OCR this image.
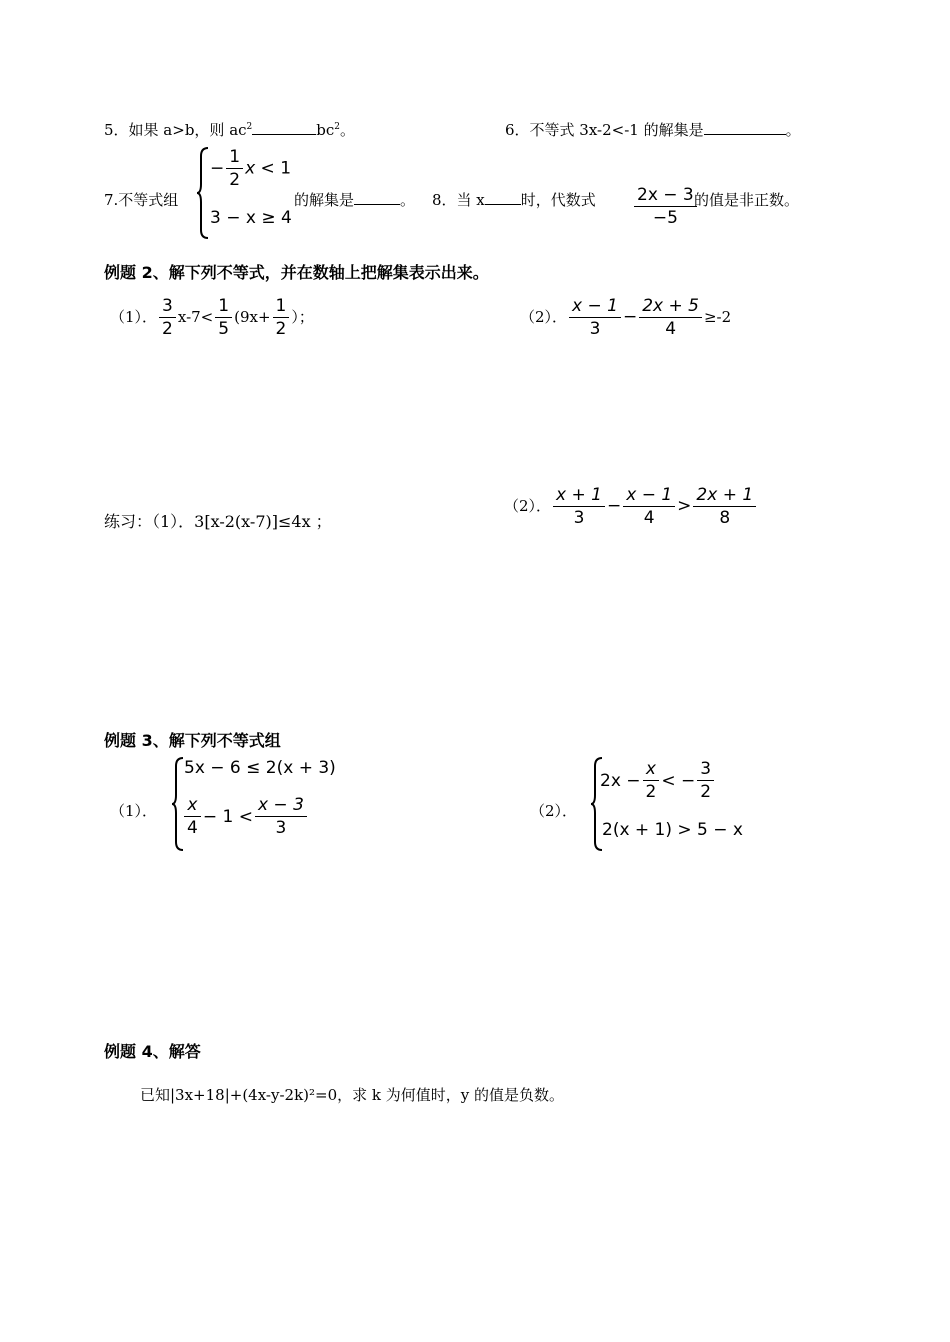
5．如果 a>b，则 $ac^2$	$bc^2$。	6．不等式 3x-2<-1 的解集是	。
7.不等式组
− $\frac{1}{2}$ x < 1
3 − x ≥ 4
的解集是	。 8．当 x 时，代数式 $\frac{2x - 3}{-5}$
的值是非正数。
例题 2、解下列不等式，并在数轴上把解集表示出来。
（1）． $\frac{3}{2} x-7< \frac{1}{5} (9x+ \frac{1}{2}$ ）；	（2）． $\frac{x - 1}{3} - \frac{2x + 5}{4} \ge-2$
练习：（1）．3[x-2(x-7)]≤4x ；
（2）． $\frac{x + 1}{3} - \frac{x - 1}{4} > \frac{2x + 1}{8}$
例题 3、解下列不等式组
（1）．
5x − 6 ≤ 2(x + 3)
$\frac{x}{4} - 1 < \frac{x - 3}{3}$	（2）．
$2x - \frac{x}{2}$ < − $\frac{3}{2}$
2(x + 1) > 5 − x
例题 4、解答
已知|3x+18|+(4x-y-2k)²=0，求 k 为何值时，y 的值是负数。
